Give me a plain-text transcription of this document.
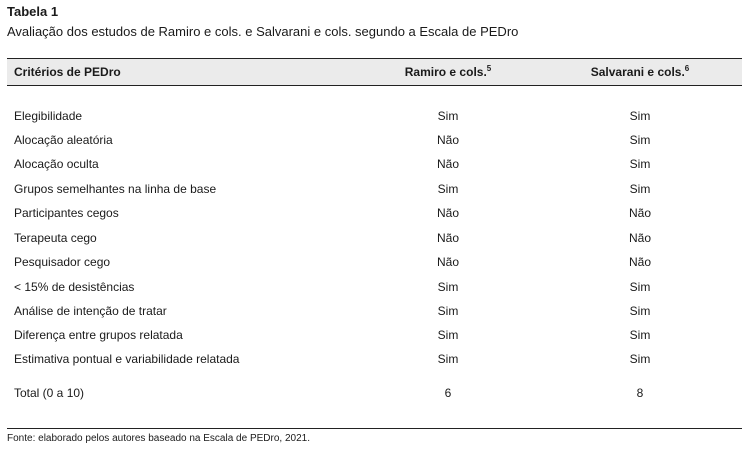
Tabela 1
Avaliação dos estudos de Ramiro e cols. e Salvarani e cols. segundo a Escala de PEDro
Critérios de PEDro	Ramiro e cols.$^5$	Salvarani e cols.$^6$
Elegibilidade	Sim	Sim
Alocação aleatória	Não	Sim
Alocação oculta	Não	Sim
Grupos semelhantes na linha de base	Sim	Sim
Participantes cegos	Não	Não
Terapeuta cego	Não	Não
Pesquisador cego	Não	Não
< 15% de desistências	Sim	Sim
Análise de intenção de tratar	Sim	Sim
Diferença entre grupos relatada	Sim	Sim
Estimativa pontual e variabilidade relatada	Sim	Sim
Total (0 a 10)	6	8
Fonte: elaborado pelos autores baseado na Escala de PEDro, 2021.
